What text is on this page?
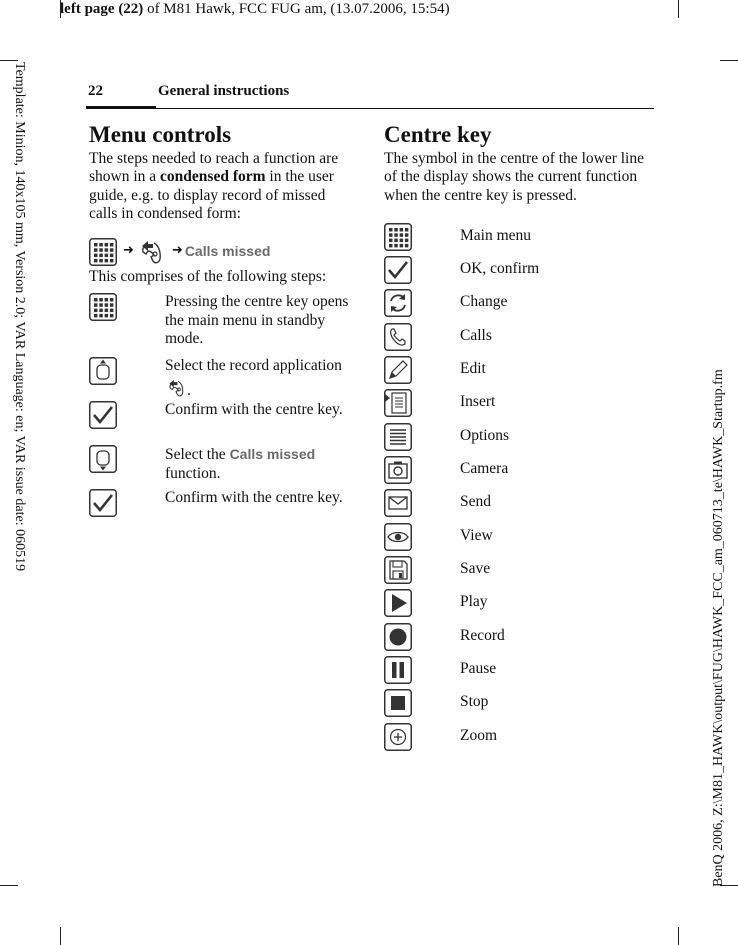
left page (22) of M81 Hawk, FCC FUG am, (13.07.2006, 15:54)
Template: Minion, 140x105 mm, Version 2.0; VAR Language: en; VAR issue date: 060519
BenQ 2006, Z:\M81_HAWK\output\FUG\HAWK_FCC_am_060713_te\HAWK_Startup.fm
22	General instructions
Menu controls

The steps needed to reach a function are shown in a condensed form in the user guide, e.g. to display record of missed calls in condensed form:

➜	➜ Calls missed

This comprises of the following steps:

Pressing the centre key opens the main menu in standby mode.
Select the record application .
Confirm with the centre key.
Select the Calls missed function.
Confirm with the centre key.
Centre key

The symbol in the centre of the lower line of the display shows the current function when the centre key is pressed.

Main menu
OK, confirm
Change
Calls
Edit
Insert
Options
Camera
Send
View
Save
Play
Record
Pause
Stop
Zoom
